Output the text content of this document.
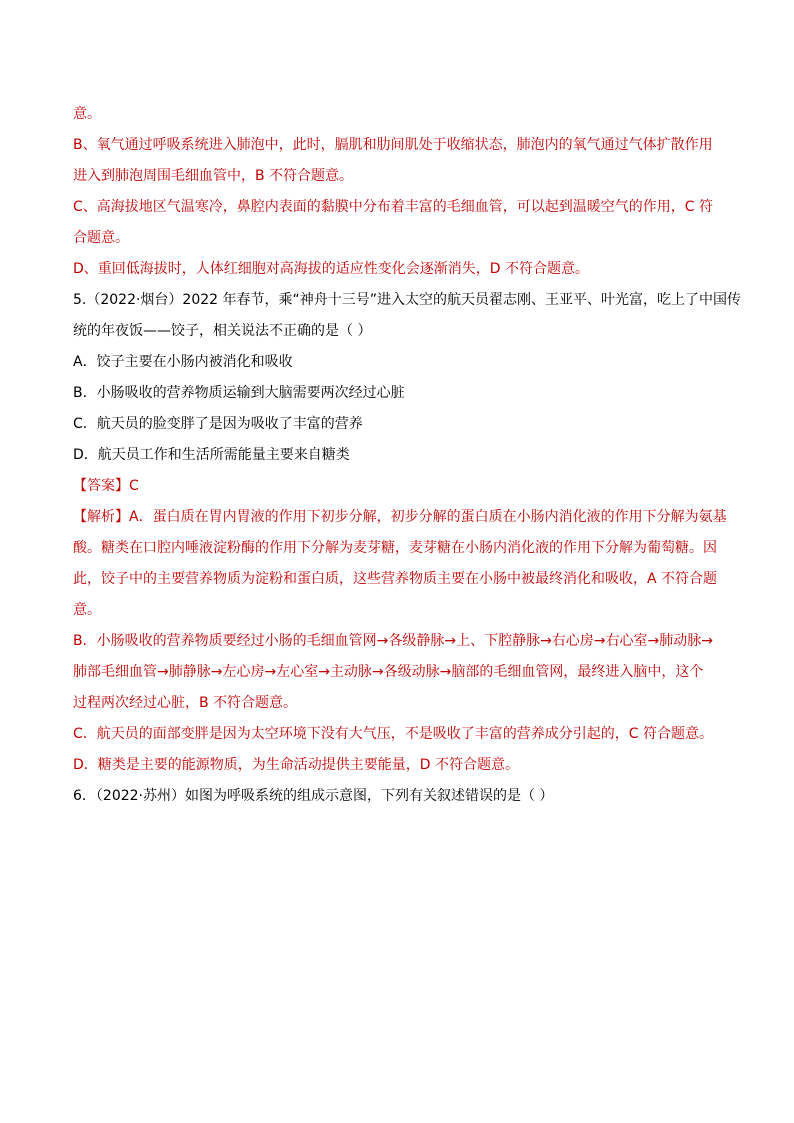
意。
B、氧气通过呼吸系统进入肺泡中，此时，膈肌和肋间肌处于收缩状态，肺泡内的氧气通过气体扩散作用
进入到肺泡周围毛细血管中，B 不符合题意。
C、高海拔地区气温寒冷，鼻腔内表面的黏膜中分布着丰富的毛细血管，可以起到温暖空气的作用，C 符
合题意。
D、重回低海拔时，人体红细胞对高海拔的适应性变化会逐渐消失，D 不符合题意。
5.（2022·烟台）2022 年春节，乘“神舟十三号”进入太空的航天员翟志刚、王亚平、叶光富，吃上了中国传
统的年夜饭——饺子，相关说法不正确的是（ ）
A．饺子主要在小肠内被消化和吸收
B．小肠吸收的营养物质运输到大脑需要两次经过心脏
C．航天员的脸变胖了是因为吸收了丰富的营养
D．航天员工作和生活所需能量主要来自糖类
【答案】C
【解析】A．蛋白质在胃内胃液的作用下初步分解，初步分解的蛋白质在小肠内消化液的作用下分解为氨基
酸。糖类在口腔内唾液淀粉酶的作用下分解为麦芽糖，麦芽糖在小肠内消化液的作用下分解为葡萄糖。因
此，饺子中的主要营养物质为淀粉和蛋白质，这些营养物质主要在小肠中被最终消化和吸收，A 不符合题
意。
B．小肠吸收的营养物质要经过小肠的毛细血管网→各级静脉→上、下腔静脉→右心房→右心室→肺动脉→
肺部毛细血管→肺静脉→左心房→左心室→主动脉→各级动脉→脑部的毛细血管网，最终进入脑中，这个
过程两次经过心脏，B 不符合题意。
C．航天员的面部变胖是因为太空环境下没有大气压，不是吸收了丰富的营养成分引起的，C 符合题意。
D．糖类是主要的能源物质，为生命活动提供主要能量，D 不符合题意。
6．（2022·苏州）如图为呼吸系统的组成示意图，下列有关叙述错误的是（ ）
